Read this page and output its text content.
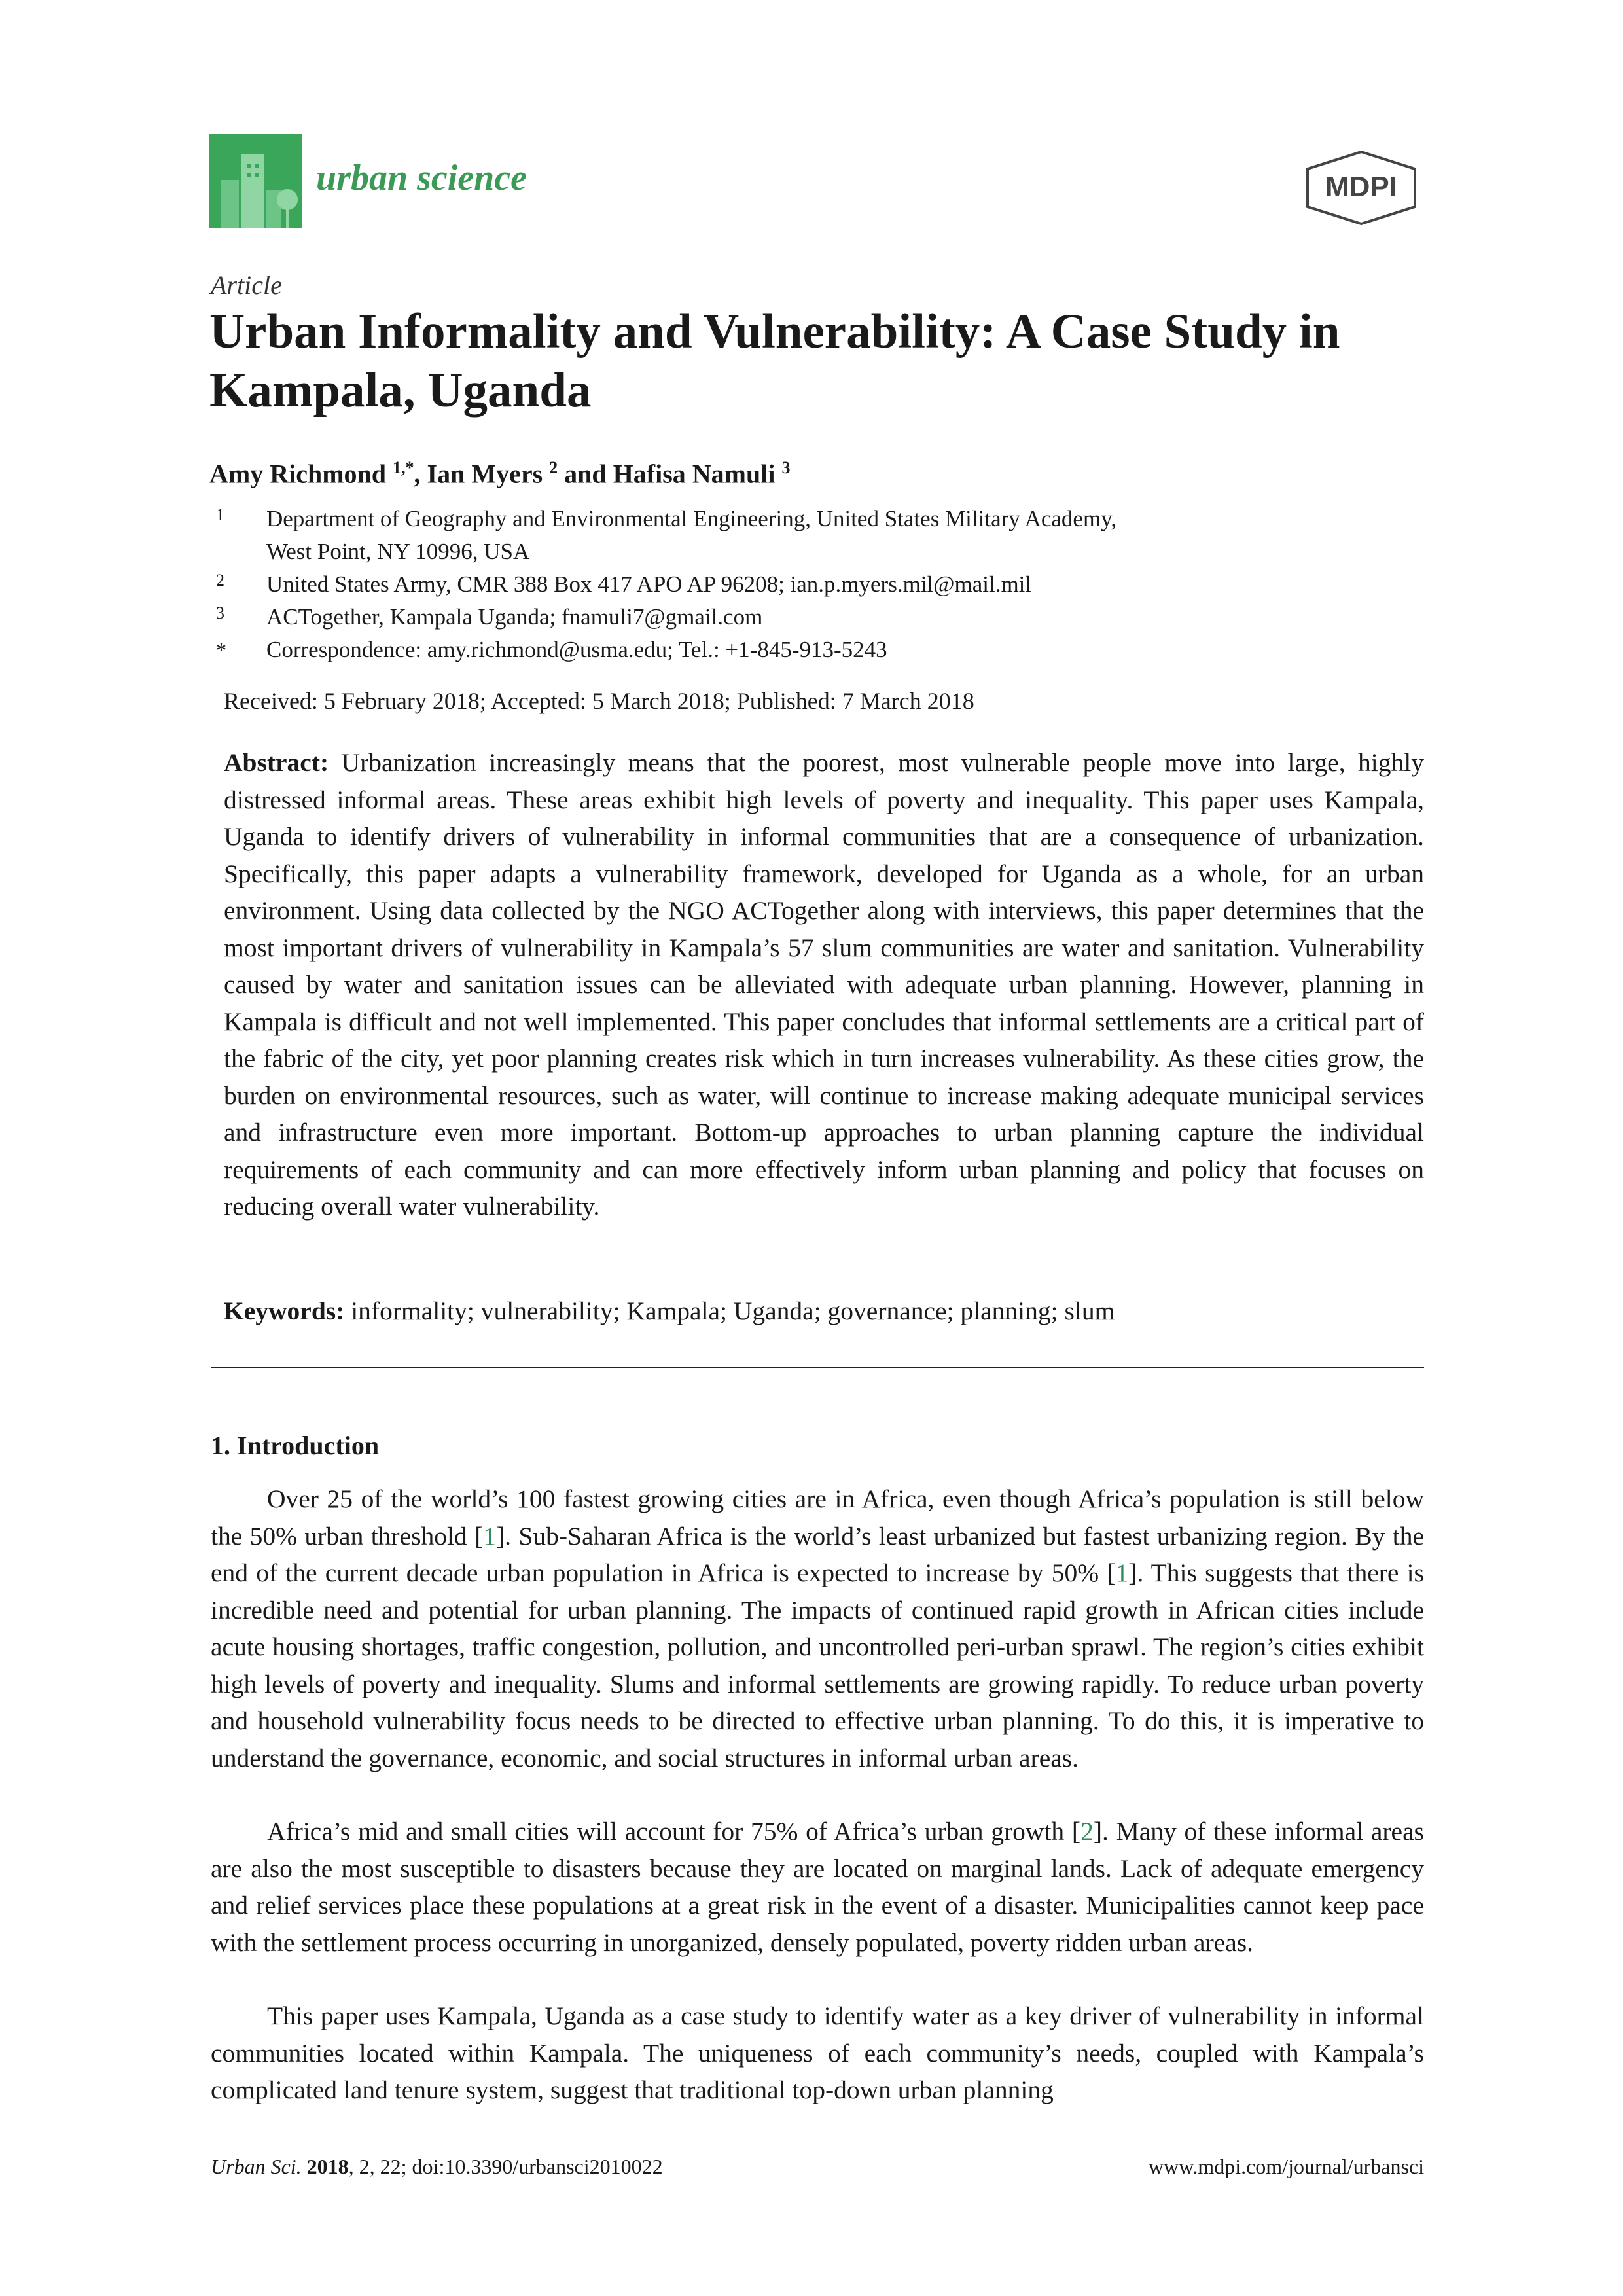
urban science	MDPI
Article
Urban Informality and Vulnerability: A Case Study in Kampala, Uganda
Amy Richmond $^{1,*}$, Ian Myers $^2$ and Hafisa Namuli $^3$
1 Department of Geography and Environmental Engineering, United States Military Academy,
West Point, NY 10996, USA
2 United States Army, CMR 388 Box 417 APO AP 96208; ian.p.myers.mil@mail.mil
3 ACTogether, Kampala Uganda; fnamuli7@gmail.com
* Correspondence: amy.richmond@usma.edu; Tel.: +1-845-913-5243
Received: 5 February 2018; Accepted: 5 March 2018; Published: 7 March 2018
Abstract: Urbanization increasingly means that the poorest, most vulnerable people move into large, highly distressed informal areas. These areas exhibit high levels of poverty and inequality. This paper uses Kampala, Uganda to identify drivers of vulnerability in informal communities that are a consequence of urbanization. Specifically, this paper adapts a vulnerability framework, developed for Uganda as a whole, for an urban environment. Using data collected by the NGO ACTogether along with interviews, this paper determines that the most important drivers of vulnerability in Kampala’s 57 slum communities are water and sanitation. Vulnerability caused by water and sanitation issues can be alleviated with adequate urban planning. However, planning in Kampala is difficult and not well implemented. This paper concludes that informal settlements are a critical part of the fabric of the city, yet poor planning creates risk which in turn increases vulnerability. As these cities grow, the burden on environmental resources, such as water, will continue to increase making adequate municipal services and infrastructure even more important. Bottom-up approaches to urban planning capture the individual requirements of each community and can more effectively inform urban planning and policy that focuses on reducing overall water vulnerability.
Keywords: informality; vulnerability; Kampala; Uganda; governance; planning; slum
1. Introduction
Over 25 of the world’s 100 fastest growing cities are in Africa, even though Africa’s population is still below the 50% urban threshold [1]. Sub-Saharan Africa is the world’s least urbanized but fastest urbanizing region. By the end of the current decade urban population in Africa is expected to increase by 50% [1]. This suggests that there is incredible need and potential for urban planning. The impacts of continued rapid growth in African cities include acute housing shortages, traffic congestion, pollution, and uncontrolled peri-urban sprawl. The region’s cities exhibit high levels of poverty and inequality. Slums and informal settlements are growing rapidly. To reduce urban poverty and household vulnerability focus needs to be directed to effective urban planning. To do this, it is imperative to understand the governance, economic, and social structures in informal urban areas.
Africa’s mid and small cities will account for 75% of Africa’s urban growth [2]. Many of these informal areas are also the most susceptible to disasters because they are located on marginal lands. Lack of adequate emergency and relief services place these populations at a great risk in the event of a disaster. Municipalities cannot keep pace with the settlement process occurring in unorganized, densely populated, poverty ridden urban areas.
This paper uses Kampala, Uganda as a case study to identify water as a key driver of vulnerability in informal communities located within Kampala. The uniqueness of each community’s needs, coupled with Kampala’s complicated land tenure system, suggest that traditional top-down urban planning
Urban Sci. 2018, 2, 22; doi:10.3390/urbansci2010022	www.mdpi.com/journal/urbansci
